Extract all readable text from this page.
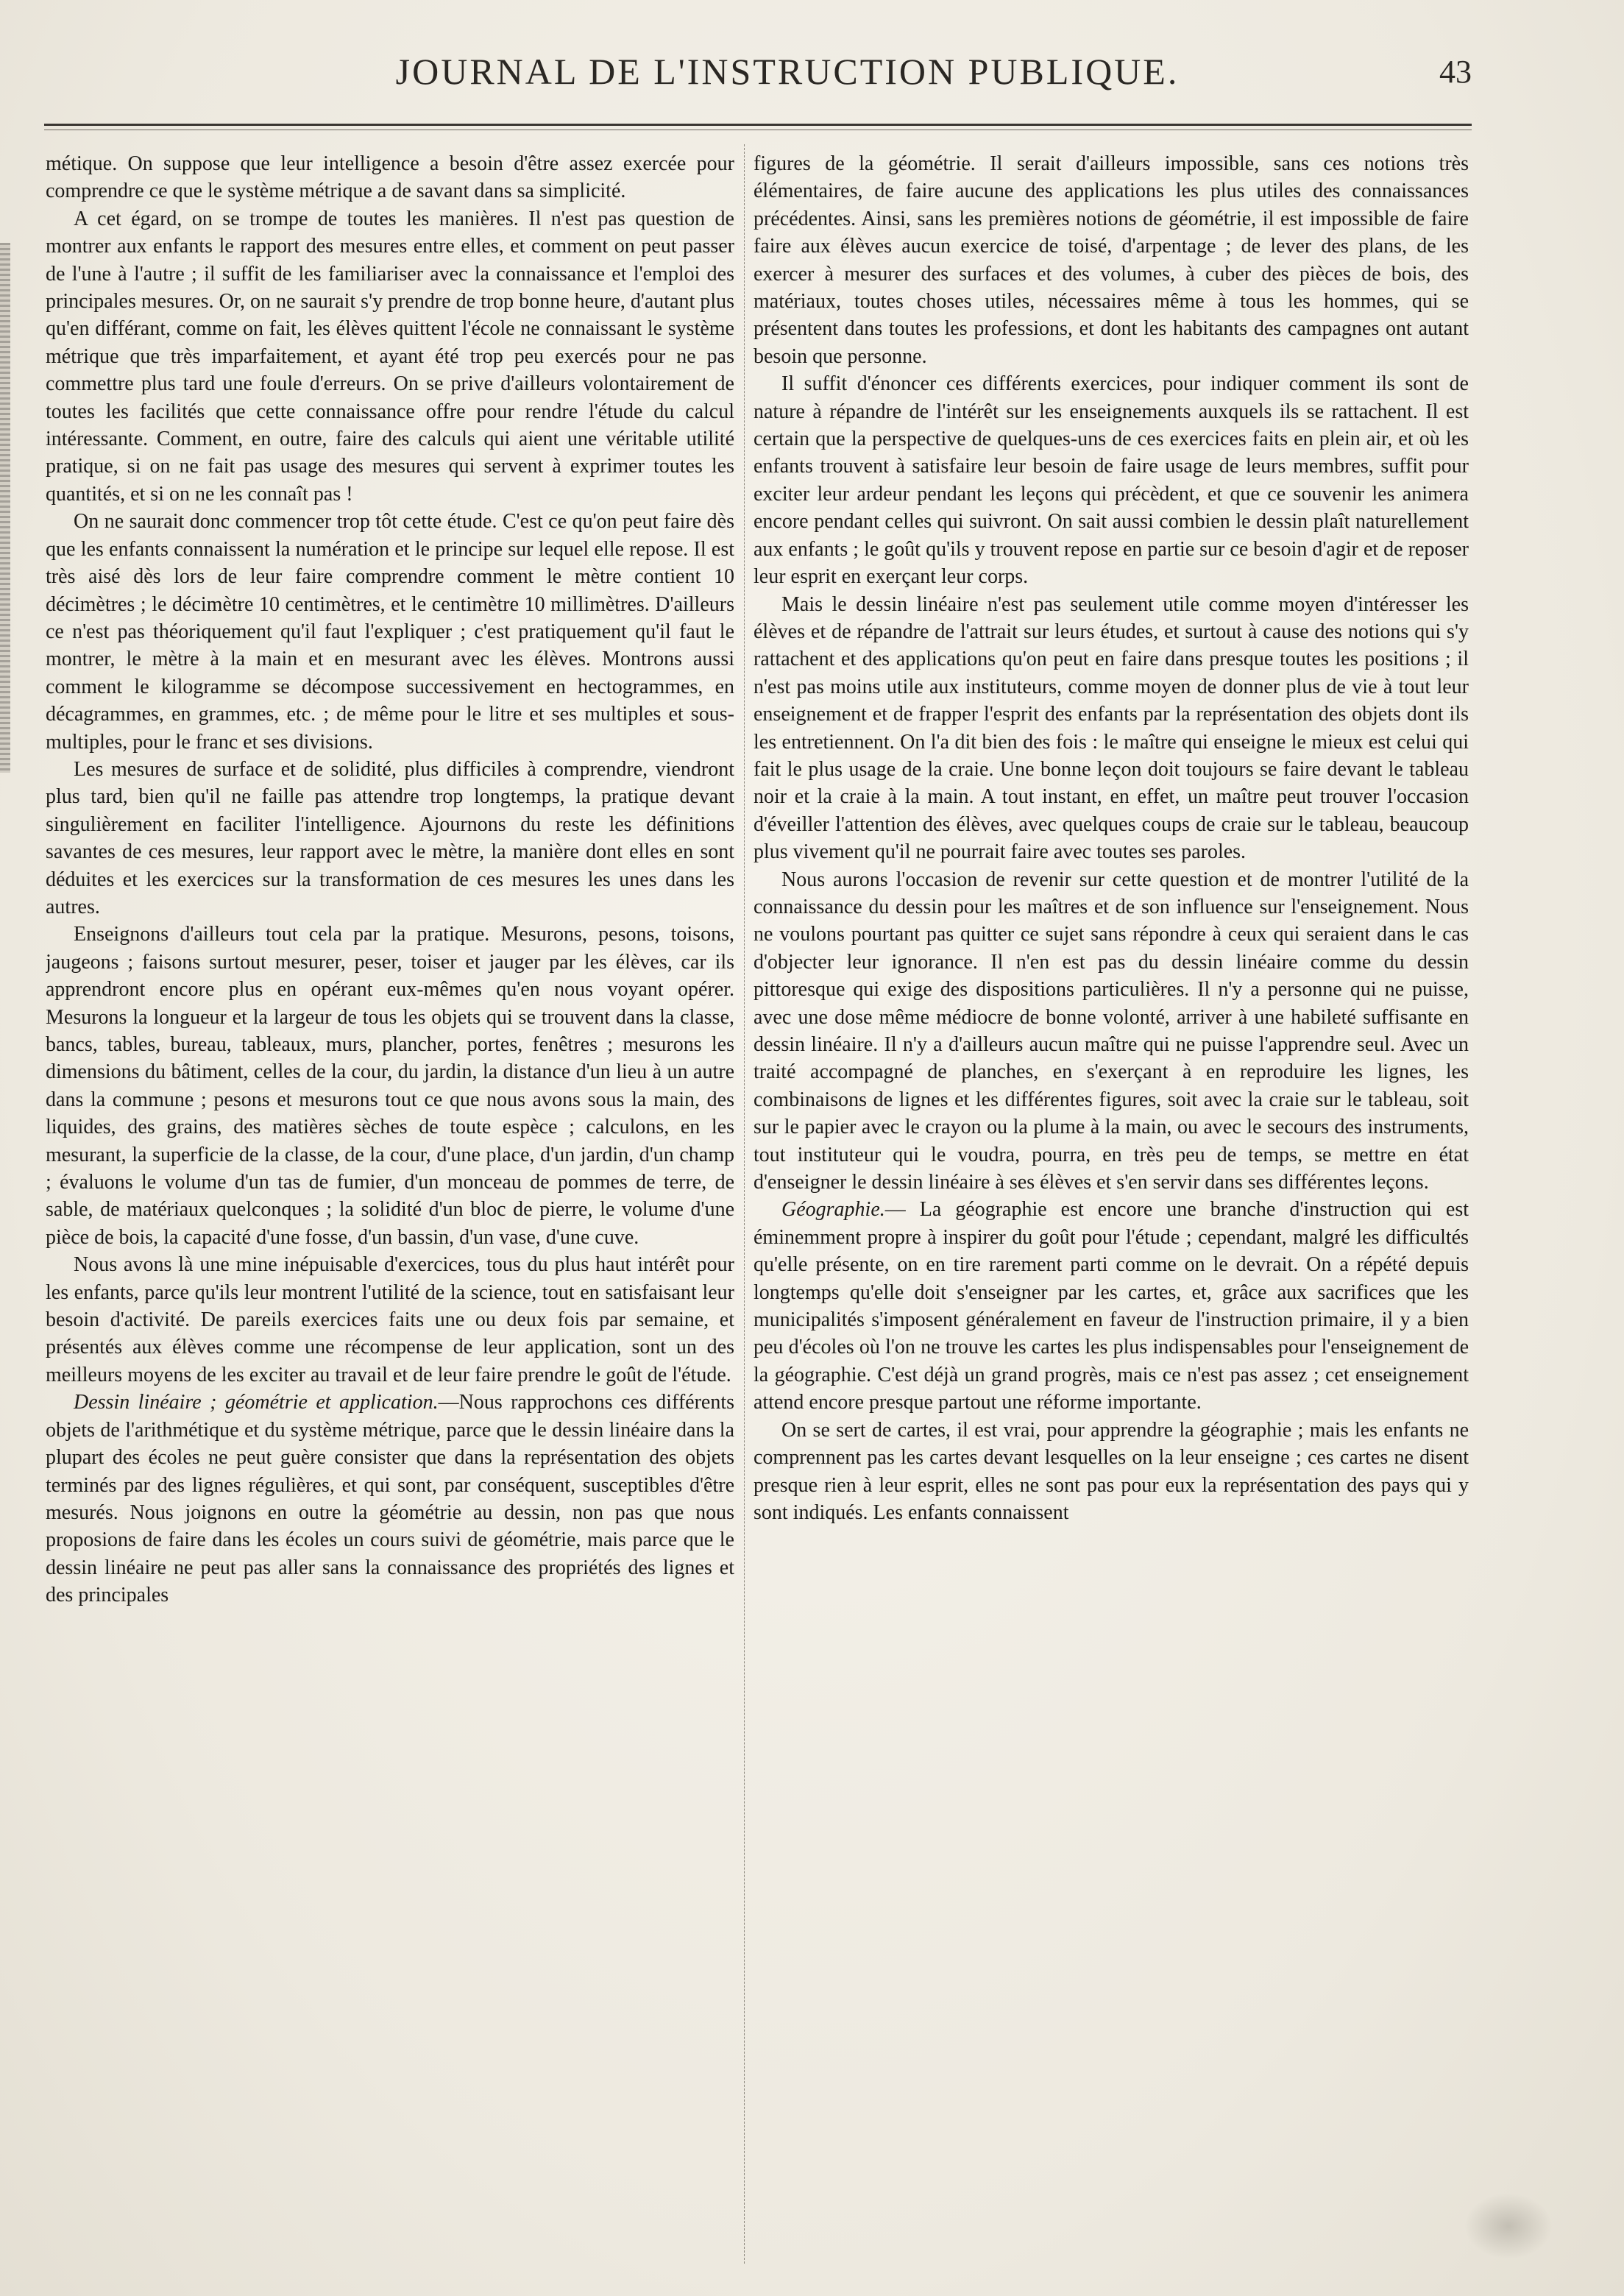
JOURNAL DE L'INSTRUCTION PUBLIQUE.	43

métique. On suppose que leur intelligence a besoin d'être assez exercée pour comprendre ce que le système métrique a de savant dans sa simplicité.

A cet égard, on se trompe de toutes les manières. Il n'est pas question de montrer aux enfants le rapport des mesures entre elles, et comment on peut passer de l'une à l'autre ; il suffit de les familiariser avec la connaissance et l'emploi des principales mesures. Or, on ne saurait s'y prendre de trop bonne heure, d'autant plus qu'en différant, comme on fait, les élèves quittent l'école ne connaissant le système métrique que très imparfaitement, et ayant été trop peu exercés pour ne pas commettre plus tard une foule d'erreurs. On se prive d'ailleurs volontairement de toutes les facilités que cette connaissance offre pour rendre l'étude du calcul intéressante. Comment, en outre, faire des calculs qui aient une véritable utilité pratique, si on ne fait pas usage des mesures qui servent à exprimer toutes les quantités, et si on ne les connaît pas !

On ne saurait donc commencer trop tôt cette étude. C'est ce qu'on peut faire dès que les enfants connaissent la numération et le principe sur lequel elle repose. Il est très aisé dès lors de leur faire comprendre comment le mètre contient 10 décimètres ; le décimètre 10 centimètres, et le centimètre 10 millimètres. D'ailleurs ce n'est pas théoriquement qu'il faut l'expliquer ; c'est pratiquement qu'il faut le montrer, le mètre à la main et en mesurant avec les élèves. Montrons aussi comment le kilogramme se décompose successivement en hectogrammes, en décagrammes, en grammes, etc. ; de même pour le litre et ses multiples et sous-multiples, pour le franc et ses divisions.

Les mesures de surface et de solidité, plus difficiles à comprendre, viendront plus tard, bien qu'il ne faille pas attendre trop longtemps, la pratique devant singulièrement en faciliter l'intelligence. Ajournons du reste les définitions savantes de ces mesures, leur rapport avec le mètre, la manière dont elles en sont déduites et les exercices sur la transformation de ces mesures les unes dans les autres.

Enseignons d'ailleurs tout cela par la pratique. Mesurons, pesons, toisons, jaugeons ; faisons surtout mesurer, peser, toiser et jauger par les élèves, car ils apprendront encore plus en opérant eux-mêmes qu'en nous voyant opérer. Mesurons la longueur et la largeur de tous les objets qui se trouvent dans la classe, bancs, tables, bureau, tableaux, murs, plancher, portes, fenêtres ; mesurons les dimensions du bâtiment, celles de la cour, du jardin, la distance d'un lieu à un autre dans la commune ; pesons et mesurons tout ce que nous avons sous la main, des liquides, des grains, des matières sèches de toute espèce ; calculons, en les mesurant, la superficie de la classe, de la cour, d'une place, d'un jardin, d'un champ ; évaluons le volume d'un tas de fumier, d'un monceau de pommes de terre, de sable, de matériaux quelconques ; la solidité d'un bloc de pierre, le volume d'une pièce de bois, la capacité d'une fosse, d'un bassin, d'un vase, d'une cuve.

Nous avons là une mine inépuisable d'exercices, tous du plus haut intérêt pour les enfants, parce qu'ils leur montrent l'utilité de la science, tout en satisfaisant leur besoin d'activité. De pareils exercices faits une ou deux fois par semaine, et présentés aux élèves comme une récompense de leur application, sont un des meilleurs moyens de les exciter au travail et de leur faire prendre le goût de l'étude.

Dessin linéaire ; géométrie et application.—Nous rapprochons ces différents objets de l'arithmétique et du système métrique, parce que le dessin linéaire dans la plupart des écoles ne peut guère consister que dans la représentation des objets terminés par des lignes régulières, et qui sont, par conséquent, susceptibles d'être mesurés. Nous joignons en outre la géométrie au dessin, non pas que nous proposions de faire dans les écoles un cours suivi de géométrie, mais parce que le dessin linéaire ne peut pas aller sans la connaissance des propriétés des lignes et des principales

figures de la géométrie. Il serait d'ailleurs impossible, sans ces notions très élémentaires, de faire aucune des applications les plus utiles des connaissances précédentes. Ainsi, sans les premières notions de géométrie, il est impossible de faire faire aux élèves aucun exercice de toisé, d'arpentage ; de lever des plans, de les exercer à mesurer des surfaces et des volumes, à cuber des pièces de bois, des matériaux, toutes choses utiles, nécessaires même à tous les hommes, qui se présentent dans toutes les professions, et dont les habitants des campagnes ont autant besoin que personne.

Il suffit d'énoncer ces différents exercices, pour indiquer comment ils sont de nature à répandre de l'intérêt sur les enseignements auxquels ils se rattachent. Il est certain que la perspective de quelques-uns de ces exercices faits en plein air, et où les enfants trouvent à satisfaire leur besoin de faire usage de leurs membres, suffit pour exciter leur ardeur pendant les leçons qui précèdent, et que ce souvenir les animera encore pendant celles qui suivront. On sait aussi combien le dessin plaît naturellement aux enfants ; le goût qu'ils y trouvent repose en partie sur ce besoin d'agir et de reposer leur esprit en exerçant leur corps.

Mais le dessin linéaire n'est pas seulement utile comme moyen d'intéresser les élèves et de répandre de l'attrait sur leurs études, et surtout à cause des notions qui s'y rattachent et des applications qu'on peut en faire dans presque toutes les positions ; il n'est pas moins utile aux instituteurs, comme moyen de donner plus de vie à tout leur enseignement et de frapper l'esprit des enfants par la représentation des objets dont ils les entretiennent. On l'a dit bien des fois : le maître qui enseigne le mieux est celui qui fait le plus usage de la craie. Une bonne leçon doit toujours se faire devant le tableau noir et la craie à la main. A tout instant, en effet, un maître peut trouver l'occasion d'éveiller l'attention des élèves, avec quelques coups de craie sur le tableau, beaucoup plus vivement qu'il ne pourrait faire avec toutes ses paroles.

Nous aurons l'occasion de revenir sur cette question et de montrer l'utilité de la connaissance du dessin pour les maîtres et de son influence sur l'enseignement. Nous ne voulons pourtant pas quitter ce sujet sans répondre à ceux qui seraient dans le cas d'objecter leur ignorance. Il n'en est pas du dessin linéaire comme du dessin pittoresque qui exige des dispositions particulières. Il n'y a personne qui ne puisse, avec une dose même médiocre de bonne volonté, arriver à une habileté suffisante en dessin linéaire. Il n'y a d'ailleurs aucun maître qui ne puisse l'apprendre seul. Avec un traité accompagné de planches, en s'exerçant à en reproduire les lignes, les combinaisons de lignes et les différentes figures, soit avec la craie sur le tableau, soit sur le papier avec le crayon ou la plume à la main, ou avec le secours des instruments, tout instituteur qui le voudra, pourra, en très peu de temps, se mettre en état d'enseigner le dessin linéaire à ses élèves et s'en servir dans ses différentes leçons.

Géographie.— La géographie est encore une branche d'instruction qui est éminemment propre à inspirer du goût pour l'étude ; cependant, malgré les difficultés qu'elle présente, on en tire rarement parti comme on le devrait. On a répété depuis longtemps qu'elle doit s'enseigner par les cartes, et, grâce aux sacrifices que les municipalités s'imposent généralement en faveur de l'instruction primaire, il y a bien peu d'écoles où l'on ne trouve les cartes les plus indispensables pour l'enseignement de la géographie. C'est déjà un grand progrès, mais ce n'est pas assez ; cet enseignement attend encore presque partout une réforme importante.

On se sert de cartes, il est vrai, pour apprendre la géographie ; mais les enfants ne comprennent pas les cartes devant lesquelles on la leur enseigne ; ces cartes ne disent presque rien à leur esprit, elles ne sont pas pour eux la représentation des pays qui y sont indiqués. Les enfants connaissent
